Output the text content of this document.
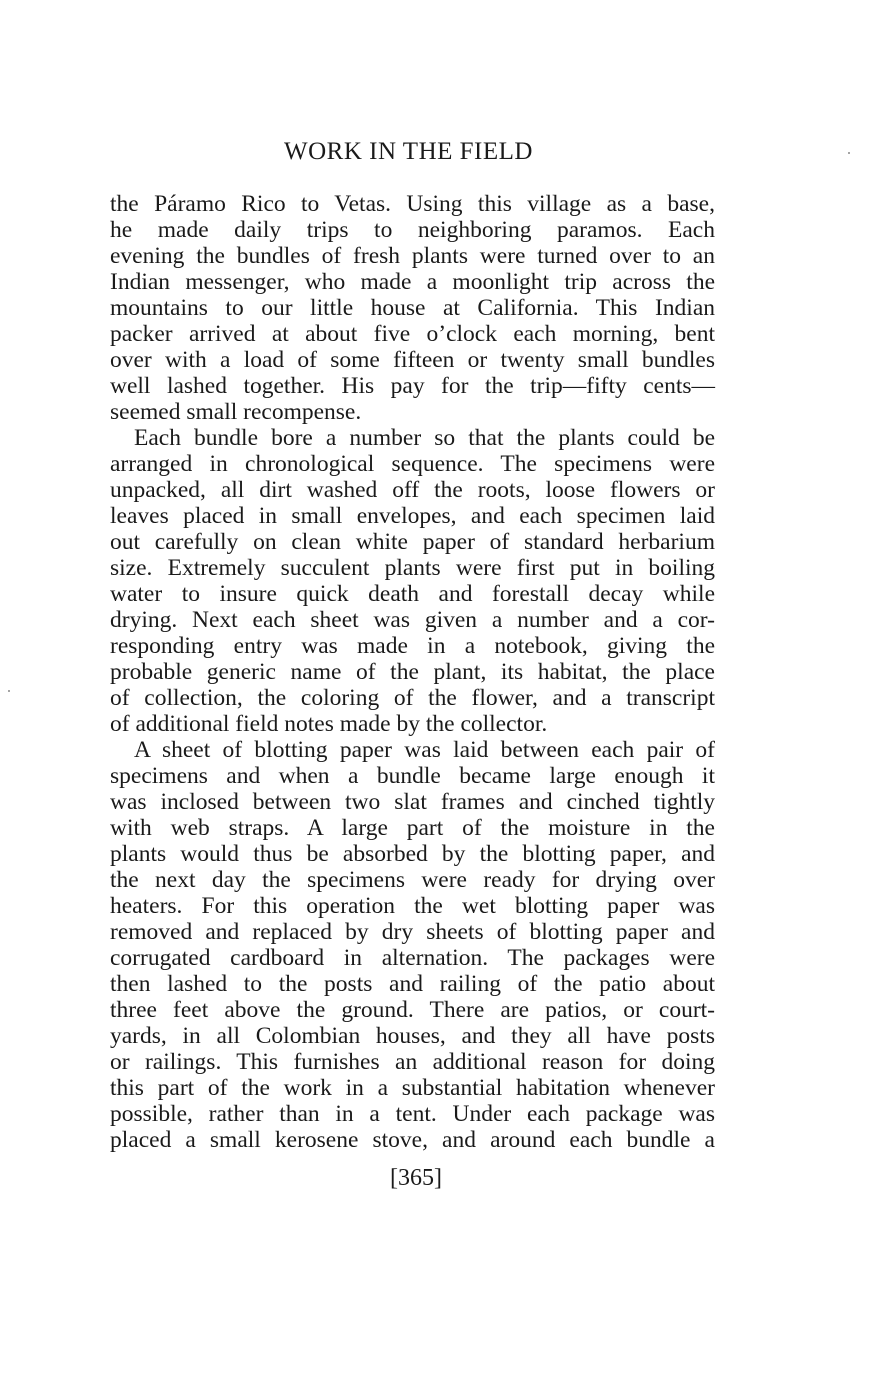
WORK IN THE FIELD
the Páramo Rico to Vetas. Using this village as a base,
he made daily trips to neighboring paramos. Each
evening the bundles of fresh plants were turned over to an
Indian messenger, who made a moonlight trip across the
mountains to our little house at California. This Indian
packer arrived at about five o’clock each morning, bent
over with a load of some fifteen or twenty small bundles
well lashed together. His pay for the trip—fifty cents—
seemed small recompense.
Each bundle bore a number so that the plants could be
arranged in chronological sequence. The specimens were
unpacked, all dirt washed off the roots, loose flowers or
leaves placed in small envelopes, and each specimen laid
out carefully on clean white paper of standard herbarium
size. Extremely succulent plants were first put in boiling
water to insure quick death and forestall decay while
drying. Next each sheet was given a number and a cor-
responding entry was made in a notebook, giving the
probable generic name of the plant, its habitat, the place
of collection, the coloring of the flower, and a transcript
of additional field notes made by the collector.
A sheet of blotting paper was laid between each pair of
specimens and when a bundle became large enough it
was inclosed between two slat frames and cinched tightly
with web straps. A large part of the moisture in the
plants would thus be absorbed by the blotting paper, and
the next day the specimens were ready for drying over
heaters. For this operation the wet blotting paper was
removed and replaced by dry sheets of blotting paper and
corrugated cardboard in alternation. The packages were
then lashed to the posts and railing of the patio about
three feet above the ground. There are patios, or court-
yards, in all Colombian houses, and they all have posts
or railings. This furnishes an additional reason for doing
this part of the work in a substantial habitation whenever
possible, rather than in a tent. Under each package was
placed a small kerosene stove, and around each bundle a
[365]
